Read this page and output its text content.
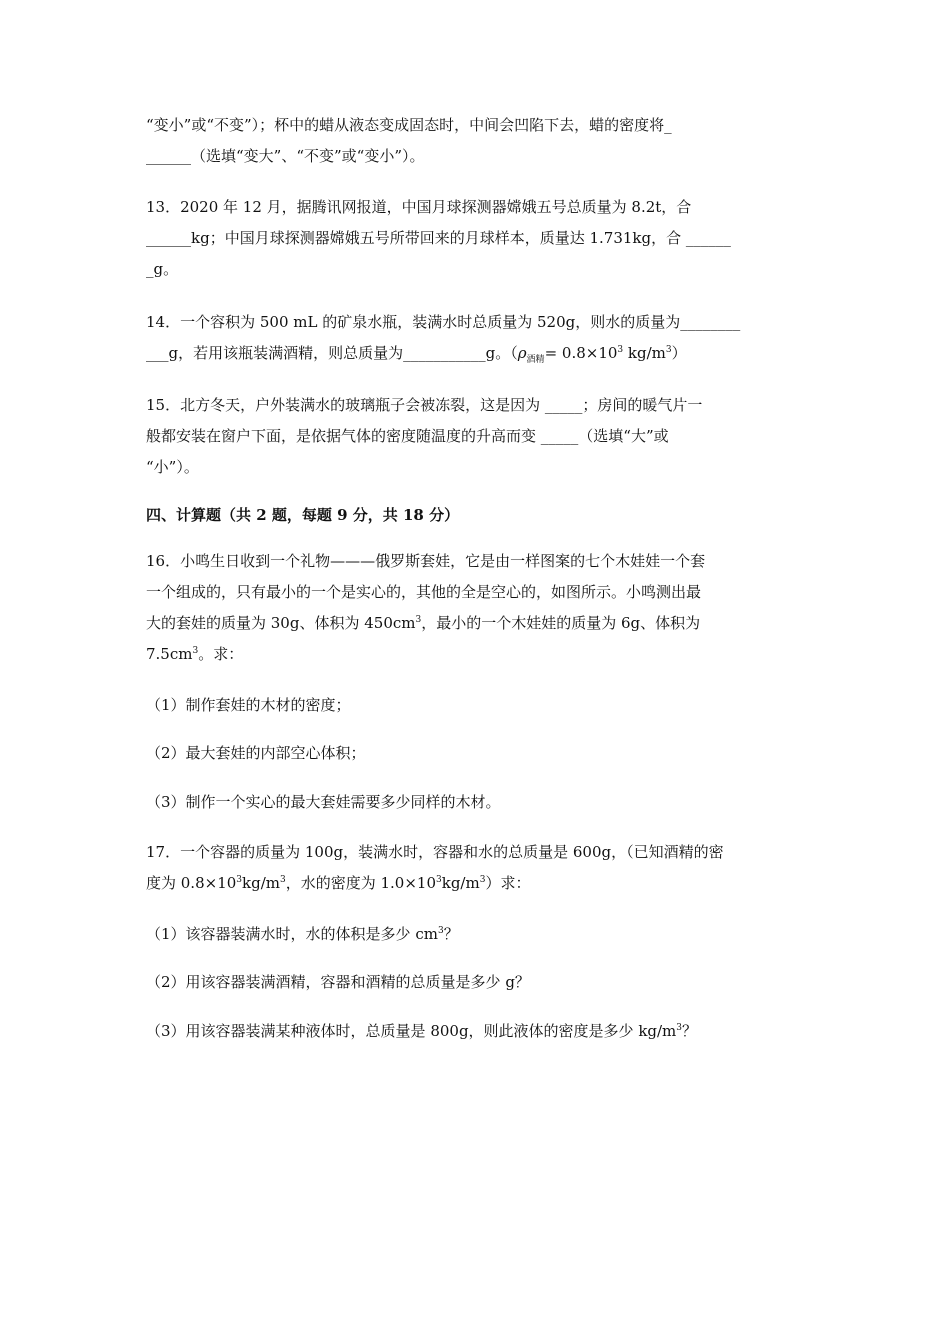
“变小”或“不变”）；杯中的蜡从液态变成固态时，中间会凹陷下去，蜡的密度将_
______（选填“变大”、“不变”或“变小”）。
13．2020 年 12 月，据腾讯网报道，中国月球探测器嫦娥五号总质量为 8.2t，合
______kg；中国月球探测器嫦娥五号所带回来的月球样本，质量达 1.731kg，合 ______
_g。
14．一个容积为 500 mL 的矿泉水瓶，装满水时总质量为 520g，则水的质量为________
___g，若用该瓶装满酒精，则总质量为___________g。（$\rho_{酒精}= 0.8\times 10^3$ $kg/m^3$）
15．北方冬天，户外装满水的玻璃瓶子会被冻裂，这是因为 _____；房间的暖气片一
般都安装在窗户下面，是依据气体的密度随温度的升高而变 _____（选填“大”或
“小”）。
四、计算题（共 2 题，每题 9 分，共 18 分）
16．小鸣生日收到一个礼物———俄罗斯套娃，它是由一样图案的七个木娃娃一个套
一个组成的，只有最小的一个是实心的，其他的全是空心的，如图所示。小鸣测出最
大的套娃的质量为 30g、体积为 $450cm^3$，最小的一个木娃娃的质量为 6g、体积为
$7.5cm^3$。求：
（1）制作套娃的木材的密度；
（2）最大套娃的内部空心体积；
（3）制作一个实心的最大套娃需要多少同样的木材。
17．一个容器的质量为 100g，装满水时，容器和水的总质量是 600g，（已知酒精的密
度为 $0.8\times 10^3kg/m^3$，水的密度为 $1.0\times 10^3kg/m^3$）求：
（1）该容器装满水时，水的体积是多少 $cm^3$？
（2）用该容器装满酒精，容器和酒精的总质量是多少 g？
（3）用该容器装满某种液体时，总质量是 800g，则此液体的密度是多少 $kg/m^3$？
